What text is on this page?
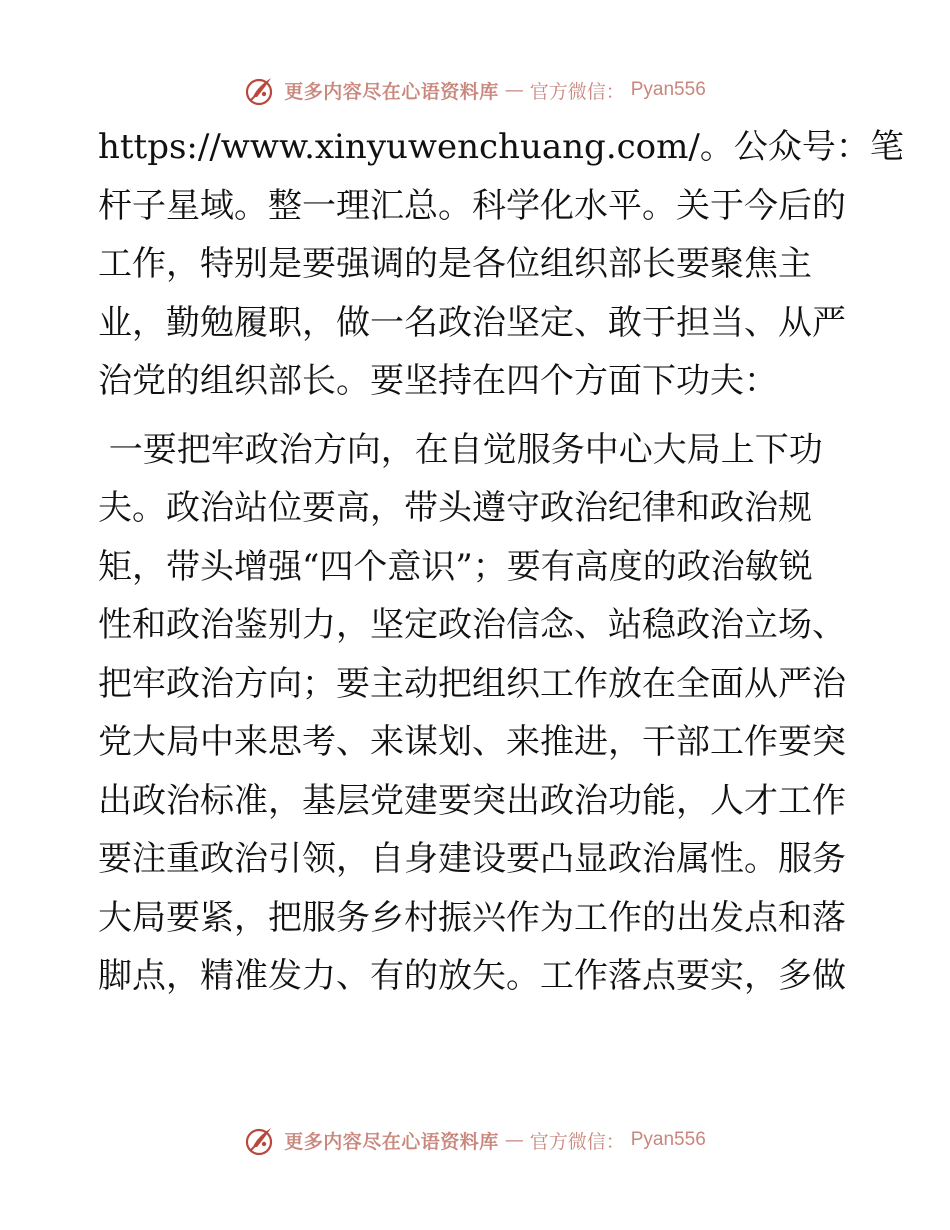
更多内容尽在心语资料库 — 官方微信： Pyan556
https://www.xinyuwenchuang.com/。公众号：笔
杆子星域。整一理汇总。科学化水平。关于今后的
工作，特别是要强调的是各位组织部长要聚焦主
业，勤勉履职，做一名政治坚定、敢于担当、从严
治党的组织部长。要坚持在四个方面下功夫：
一要把牢政治方向，在自觉服务中心大局上下功
夫。政治站位要高，带头遵守政治纪律和政治规
矩，带头增强“四个意识”；要有高度的政治敏锐
性和政治鉴别力，坚定政治信念、站稳政治立场、
把牢政治方向；要主动把组织工作放在全面从严治
党大局中来思考、来谋划、来推进，干部工作要突
出政治标准，基层党建要突出政治功能，人才工作
要注重政治引领，自身建设要凸显政治属性。服务
大局要紧，把服务乡村振兴作为工作的出发点和落
脚点，精准发力、有的放矢。工作落点要实，多做
更多内容尽在心语资料库 — 官方微信： Pyan556
